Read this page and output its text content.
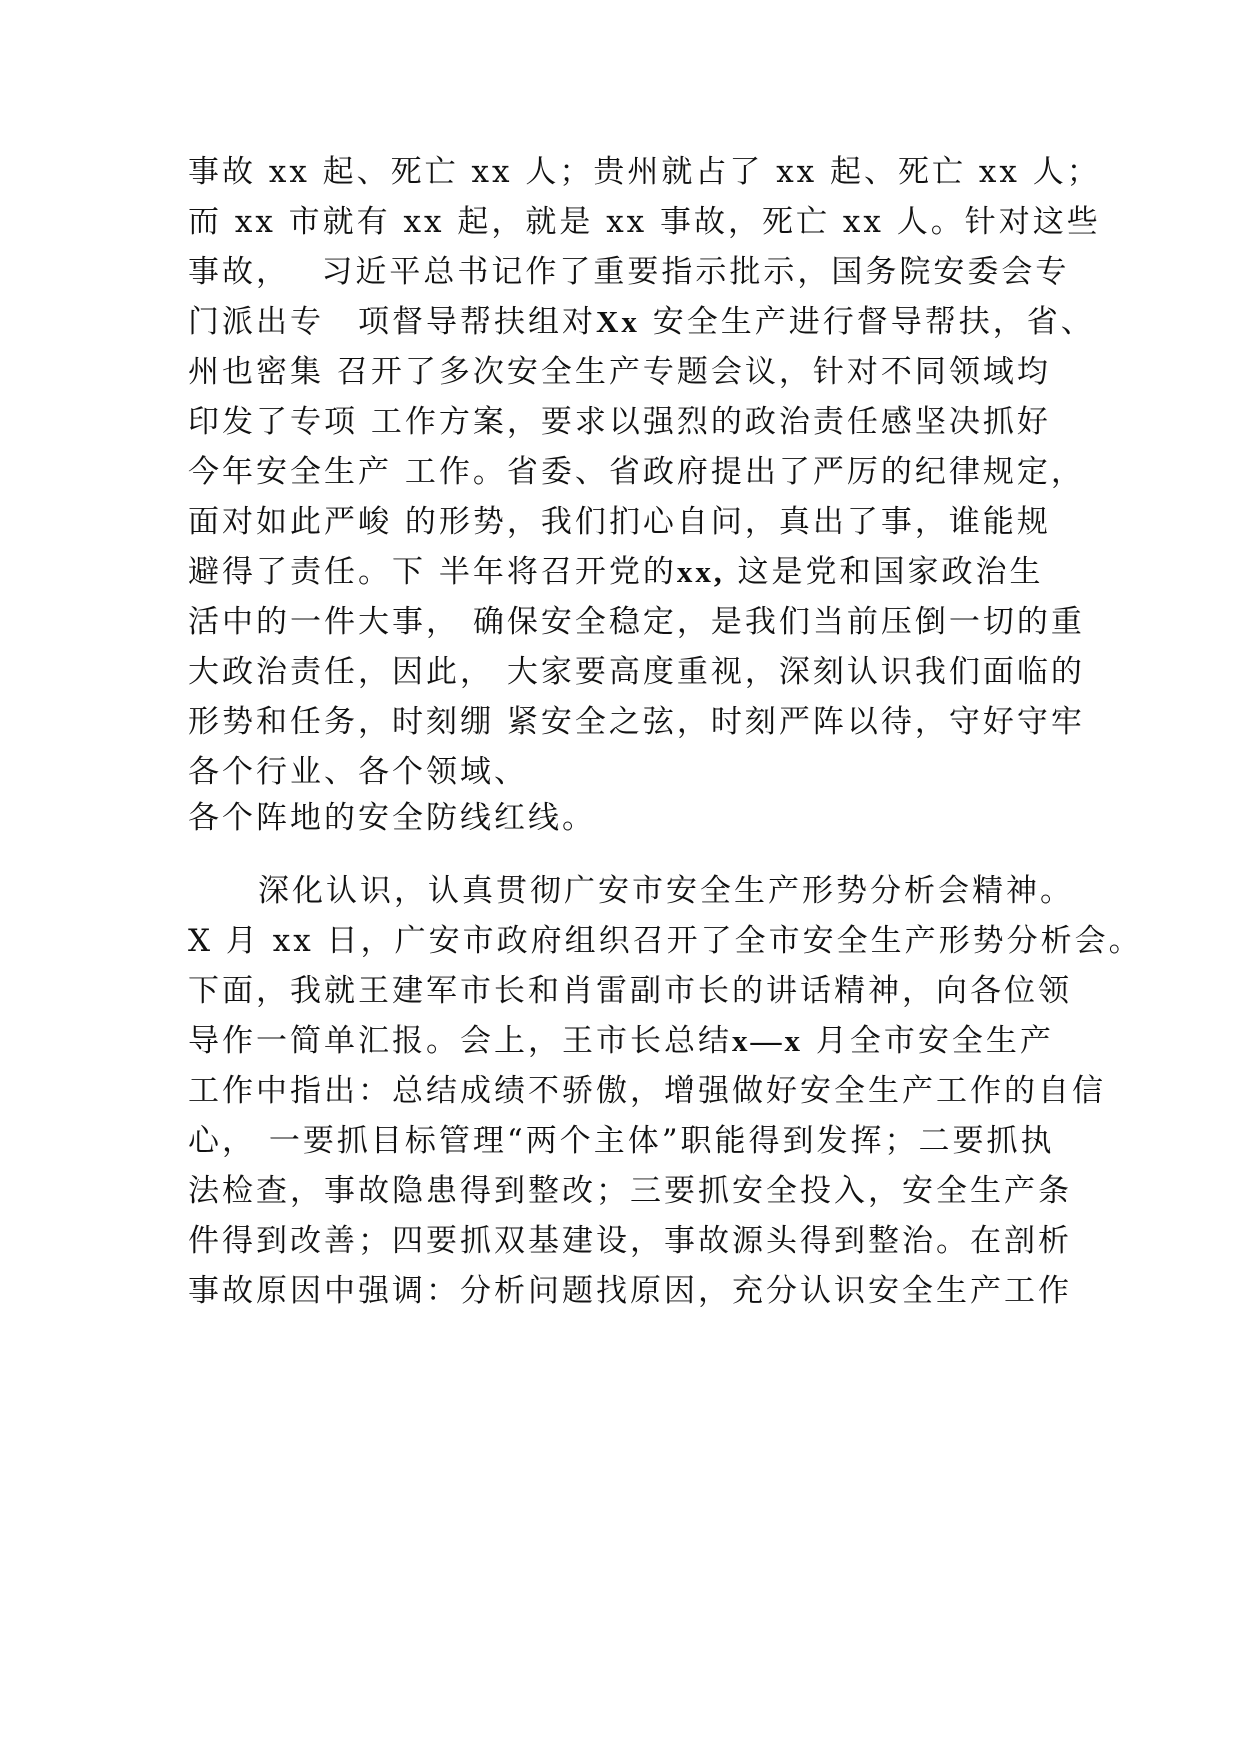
事故 xx 起、死亡 xx 人；贵州就占了 xx 起、死亡 xx 人；
而 xx 市就有 xx 起，就是 xx 事故，死亡 xx 人。针对这些
事故，　 习近平总书记作了重要指示批示，国务院安委会专
门派出专　项督导帮扶组对Xx 安全生产进行督导帮扶，省、
州也密集 召开了多次安全生产专题会议，针对不同领域均
印发了专项 工作方案，要求以强烈的政治责任感坚决抓好
今年安全生产 工作。省委、省政府提出了严厉的纪律规定，
面对如此严峻 的形势，我们扪心自问，真出了事，谁能规
避得了责任。下 半年将召开党的xx, 这是党和国家政治生
活中的一件大事， 确保安全稳定，是我们当前压倒一切的重
大政治责任，因此， 大家要高度重视，深刻认识我们面临的
形势和任务，时刻绷 紧安全之弦，时刻严阵以待，守好守牢
各个行业、各个领域、
各个阵地的安全防线红线。
深化认识，认真贯彻广安市安全生产形势分析会精神。
X 月 xx 日，广安市政府组织召开了全市安全生产形势分析会。
下面，我就王建军市长和肖雷副市长的讲话精神，向各位领
导作一简单汇报。会上，王市长总结x—x 月全市安全生产
工作中指出：总结成绩不骄傲，增强做好安全生产工作的自信
心， 一要抓目标管理“两个主体”职能得到发挥；二要抓执
法检查，事故隐患得到整改；三要抓安全投入，安全生产条
件得到改善；四要抓双基建设，事故源头得到整治。在剖析
事故原因中强调：分析问题找原因，充分认识安全生产工作
